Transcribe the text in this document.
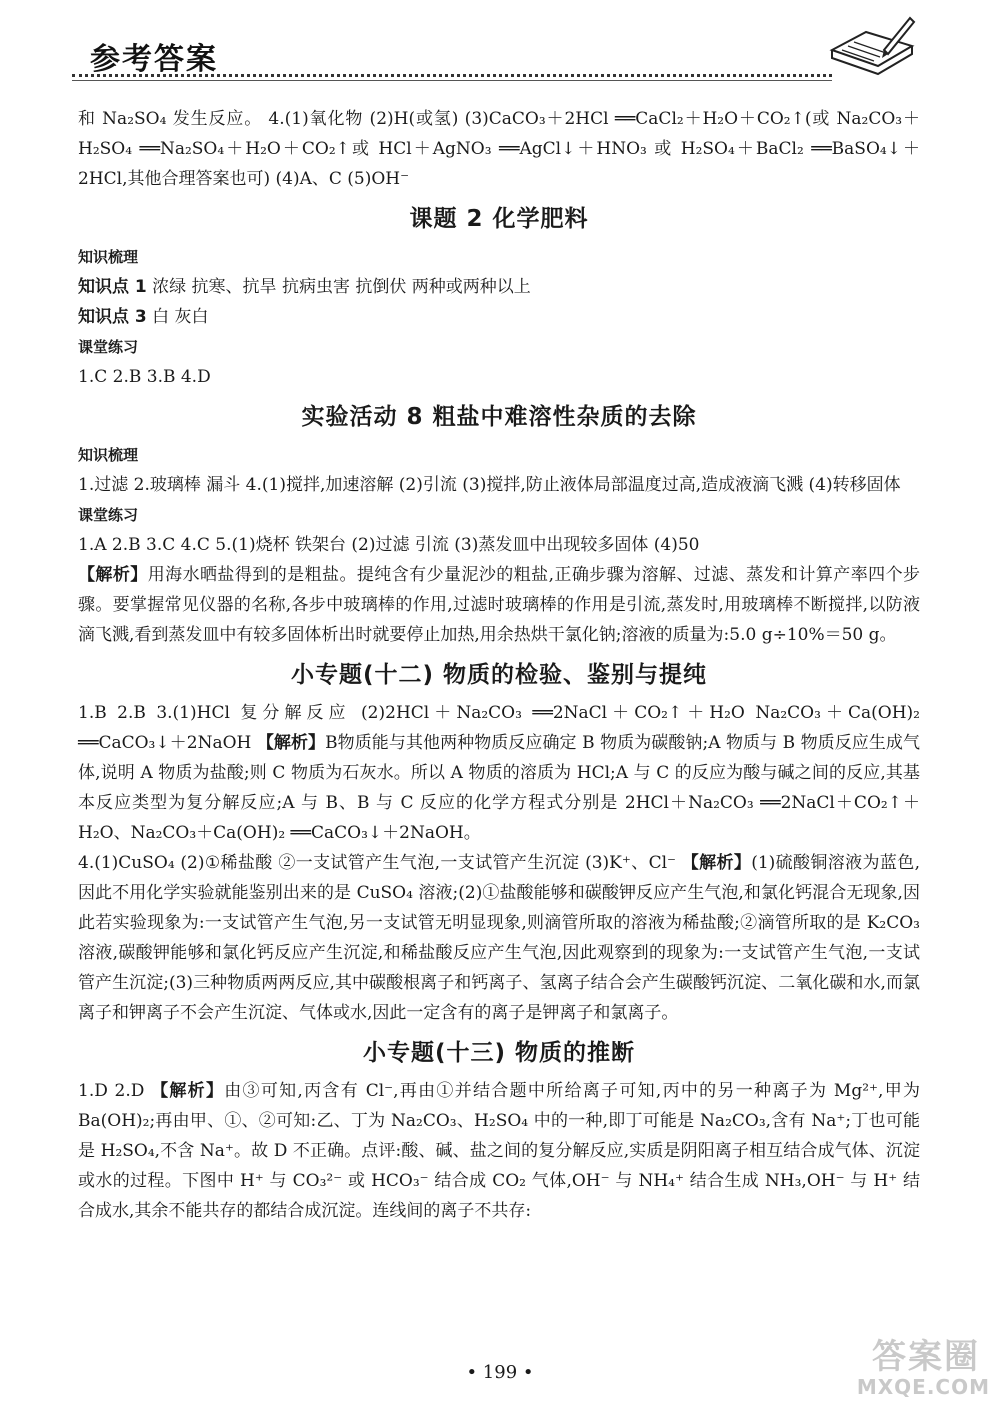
参考答案

和 Na₂SO₄ 发生反应。 4.(1)氧化物 (2)H(或氢) (3)CaCO₃＋2HCl ══CaCl₂＋H₂O＋CO₂↑(或 Na₂CO₃＋H₂SO₄ ══Na₂SO₄＋H₂O＋CO₂↑或 HCl＋AgNO₃ ══AgCl↓＋HNO₃ 或 H₂SO₄＋BaCl₂ ══BaSO₄↓＋2HCl,其他合理答案也可) (4)A、C (5)OH⁻

课题 2 化学肥料
知识梳理

知识点 1 浓绿 抗寒、抗旱 抗病虫害 抗倒伏 两种或两种以上

知识点 3 白 灰白

课堂练习

1.C 2.B 3.B 4.D

实验活动 8 粗盐中难溶性杂质的去除
知识梳理

1.过滤 2.玻璃棒 漏斗 4.(1)搅拌,加速溶解 (2)引流 (3)搅拌,防止液体局部温度过高,造成液滴飞溅 (4)转移固体

课堂练习

1.A 2.B 3.C 4.C 5.(1)烧杯 铁架台 (2)过滤 引流 (3)蒸发皿中出现较多固体 (4)50

【解析】用海水晒盐得到的是粗盐。提纯含有少量泥沙的粗盐,正确步骤为溶解、过滤、蒸发和计算产率四个步骤。要掌握常见仪器的名称,各步中玻璃棒的作用,过滤时玻璃棒的作用是引流,蒸发时,用玻璃棒不断搅拌,以防液滴飞溅,看到蒸发皿中有较多固体析出时就要停止加热,用余热烘干氯化钠;溶液的质量为:5.0 g÷10%＝50 g。

小专题(十二) 物质的检验、鉴别与提纯

1.B 2.B 3.(1)HCl 复分解反应 (2)2HCl＋Na₂CO₃ ══2NaCl＋CO₂↑＋H₂O Na₂CO₃＋Ca(OH)₂ ══CaCO₃↓＋2NaOH 【解析】B物质能与其他两种物质反应确定 B 物质为碳酸钠;A 物质与 B 物质反应生成气体,说明 A 物质为盐酸;则 C 物质为石灰水。所以 A 物质的溶质为 HCl;A 与 C 的反应为酸与碱之间的反应,其基本反应类型为复分解反应;A 与 B、B 与 C 反应的化学方程式分别是 2HCl＋Na₂CO₃ ══2NaCl＋CO₂↑＋H₂O、Na₂CO₃＋Ca(OH)₂ ══CaCO₃↓＋2NaOH。

4.(1)CuSO₄ (2)①稀盐酸 ②一支试管产生气泡,一支试管产生沉淀 (3)K⁺、Cl⁻ 【解析】(1)硫酸铜溶液为蓝色,因此不用化学实验就能鉴别出来的是 CuSO₄ 溶液;(2)①盐酸能够和碳酸钾反应产生气泡,和氯化钙混合无现象,因此若实验现象为:一支试管产生气泡,另一支试管无明显现象,则滴管所取的溶液为稀盐酸;②滴管所取的是 K₂CO₃ 溶液,碳酸钾能够和氯化钙反应产生沉淀,和稀盐酸反应产生气泡,因此观察到的现象为:一支试管产生气泡,一支试管产生沉淀;(3)三种物质两两反应,其中碳酸根离子和钙离子、氢离子结合会产生碳酸钙沉淀、二氧化碳和水,而氯离子和钾离子不会产生沉淀、气体或水,因此一定含有的离子是钾离子和氯离子。

小专题(十三) 物质的推断

1.D 2.D 【解析】由③可知,丙含有 Cl⁻,再由①并结合题中所给离子可知,丙中的另一种离子为 Mg²⁺,甲为 Ba(OH)₂;再由甲、①、②可知:乙、丁为 Na₂CO₃、H₂SO₄ 中的一种,即丁可能是 Na₂CO₃,含有 Na⁺;丁也可能是 H₂SO₄,不含 Na⁺。故 D 不正确。点评:酸、碱、盐之间的复分解反应,实质是阴阳离子相互结合成气体、沉淀或水的过程。下图中 H⁺ 与 CO₃²⁻ 或 HCO₃⁻ 结合成 CO₂ 气体,OH⁻ 与 NH₄⁺ 结合生成 NH₃,OH⁻ 与 H⁺ 结合成水,其余不能共存的都结合成沉淀。连线间的离子不共存:

• 199 •	答案圈
MXQE.COM
